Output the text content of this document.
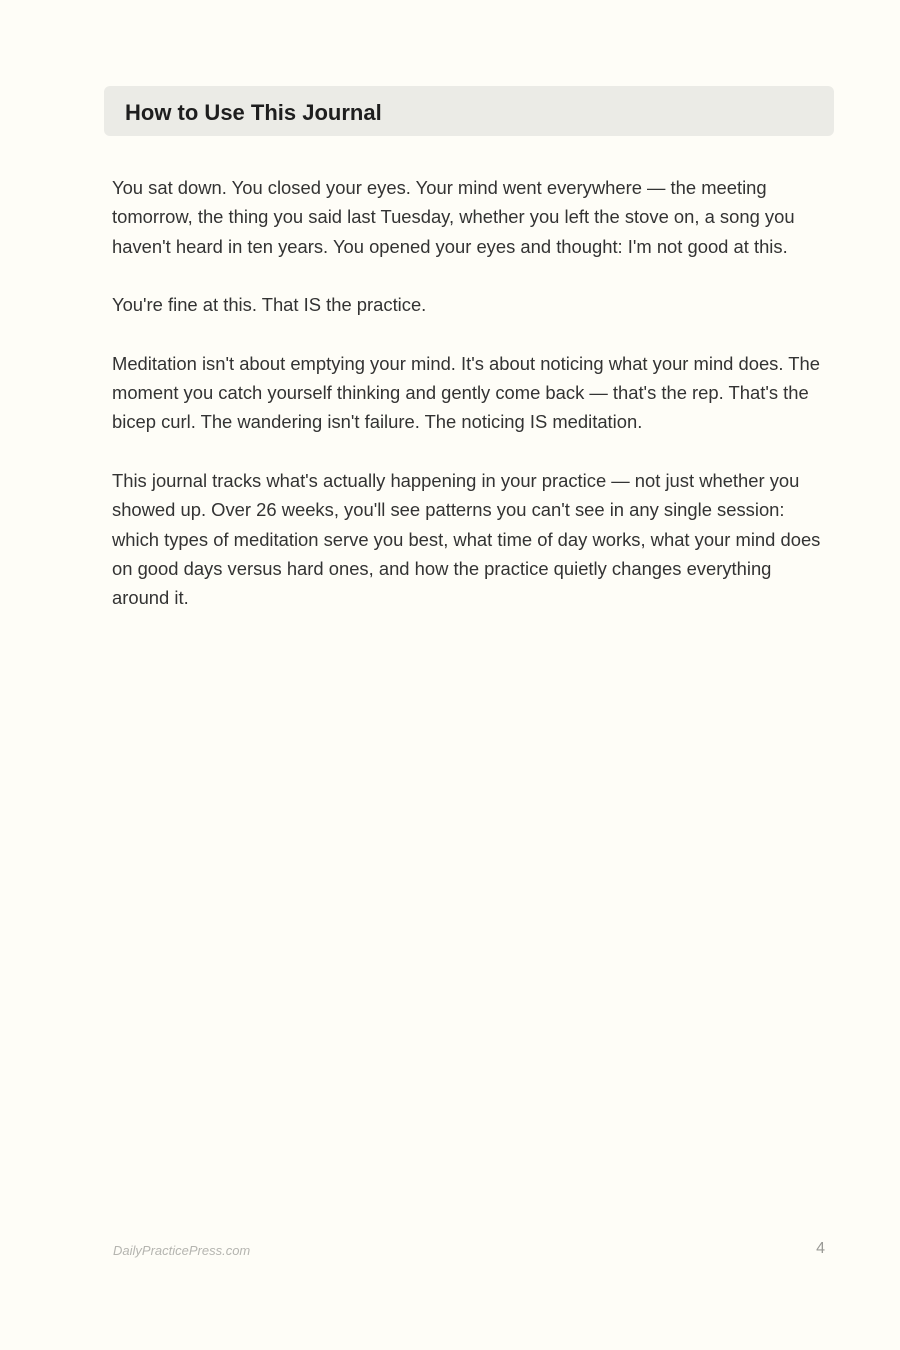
How to Use This Journal

You sat down. You closed your eyes. Your mind went everywhere — the meeting tomorrow, the thing you said last Tuesday, whether you left the stove on, a song you haven't heard in ten years. You opened your eyes and thought: I'm not good at this.

You're fine at this. That IS the practice.

Meditation isn't about emptying your mind. It's about noticing what your mind does. The moment you catch yourself thinking and gently come back — that's the rep. That's the bicep curl. The wandering isn't failure. The noticing IS meditation.

This journal tracks what's actually happening in your practice — not just whether you showed up. Over 26 weeks, you'll see patterns you can't see in any single session: which types of meditation serve you best, what time of day works, what your mind does on good days versus hard ones, and how the practice quietly changes everything around it.

DailyPracticePress.com	4
